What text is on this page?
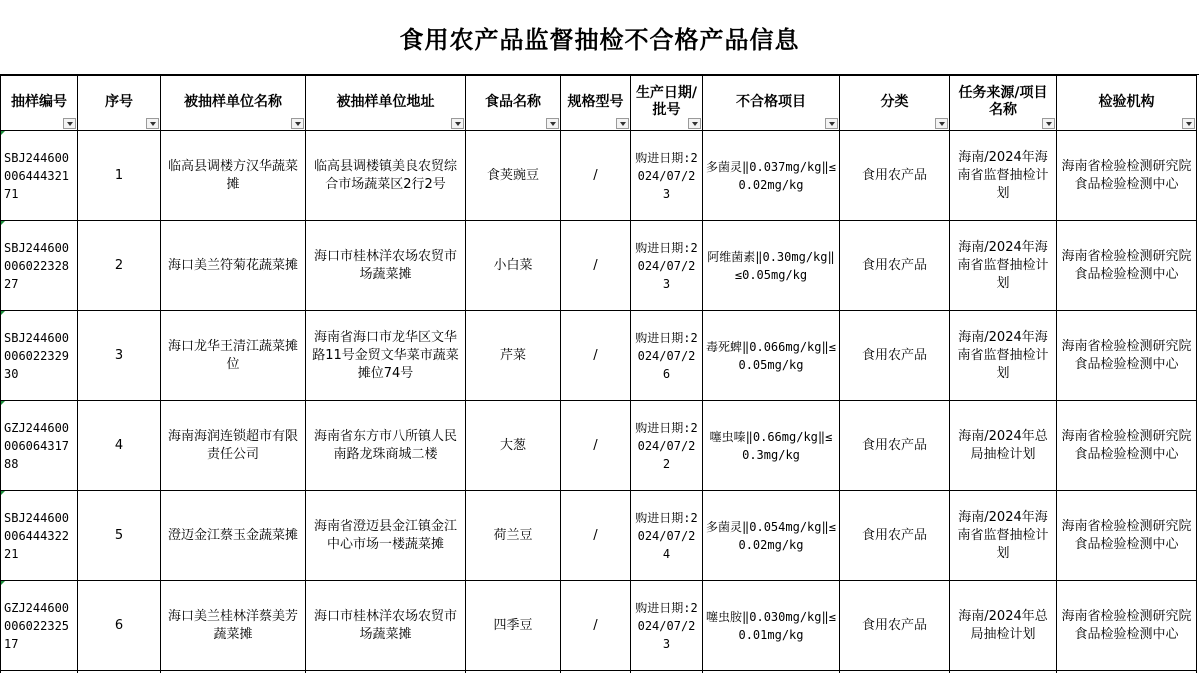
食用农产品监督抽检不合格产品信息
抽样编号	序号	被抽样单位名称	被抽样单位地址	食品名称	规格型号	生产日期/批号	不合格项目	分类	任务来源/项目名称	检验机构

SBJ24460000644432171	1	临高县调楼方汉华蔬菜摊	临高县调楼镇美良农贸综合市场蔬菜区2行2号	食荚豌豆	/	购进日期:2024/07/23	多菌灵‖0.037mg/kg‖≤0.02mg/kg	食用农产品	海南/2024年海南省监督抽检计划	海南省检验检测研究院食品检验检测中心
SBJ24460000602232827	2	海口美兰符菊花蔬菜摊	海口市桂林洋农场农贸市场蔬菜摊	小白菜	/	购进日期:2024/07/23	阿维菌素‖0.30mg/kg‖≤0.05mg/kg	食用农产品	海南/2024年海南省监督抽检计划	海南省检验检测研究院食品检验检测中心
SBJ24460000602232930	3	海口龙华王清江蔬菜摊位	海南省海口市龙华区文华路11号金贸文华菜市蔬菜摊位74号	芹菜	/	购进日期:2024/07/26	毒死蜱‖0.066mg/kg‖≤0.05mg/kg	食用农产品	海南/2024年海南省监督抽检计划	海南省检验检测研究院食品检验检测中心
GZJ24460000606431788	4	海南海润连锁超市有限责任公司	海南省东方市八所镇人民南路龙珠商城二楼	大葱	/	购进日期:2024/07/22	噻虫嗪‖0.66mg/kg‖≤0.3mg/kg	食用农产品	海南/2024年总局抽检计划	海南省检验检测研究院食品检验检测中心
SBJ24460000644432221	5	澄迈金江蔡玉金蔬菜摊	海南省澄迈县金江镇金江中心市场一楼蔬菜摊	荷兰豆	/	购进日期:2024/07/24	多菌灵‖0.054mg/kg‖≤0.02mg/kg	食用农产品	海南/2024年海南省监督抽检计划	海南省检验检测研究院食品检验检测中心
GZJ24460000602232517	6	海口美兰桂林洋蔡美芳蔬菜摊	海口市桂林洋农场农贸市场蔬菜摊	四季豆	/	购进日期:2024/07/23	噻虫胺‖0.030mg/kg‖≤0.01mg/kg	食用农产品	海南/2024年总局抽检计划	海南省检验检测研究院食品检验检测中心
